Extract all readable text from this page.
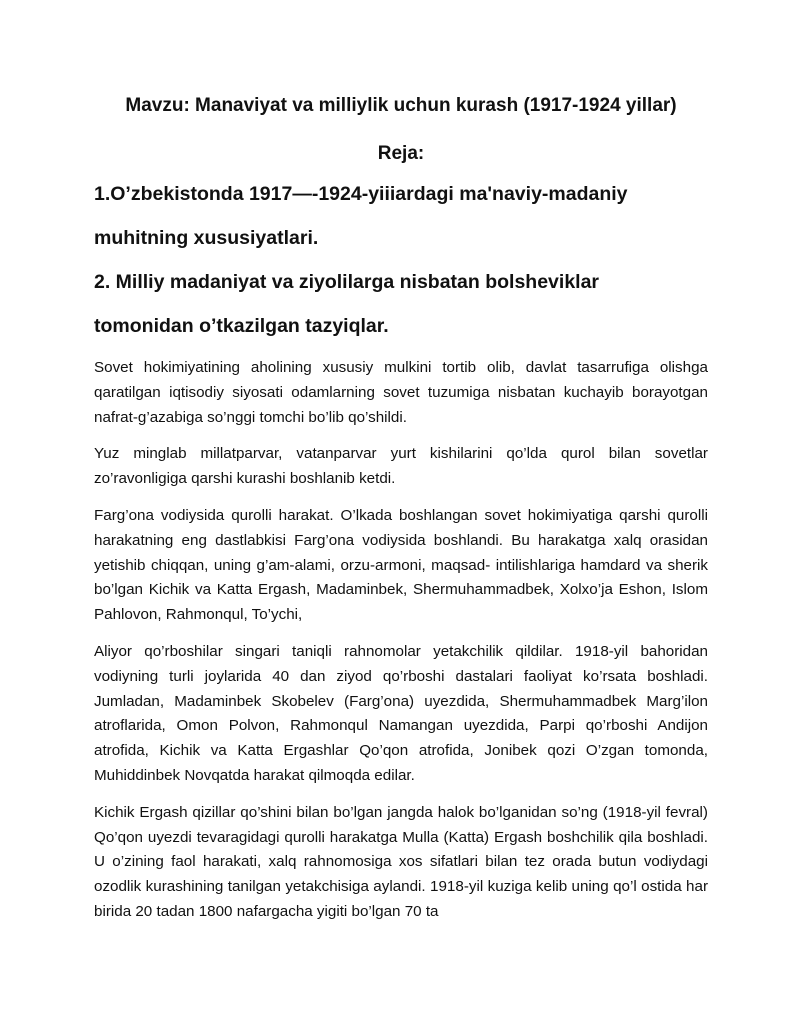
Mavzu: Manaviyat va milliylik uchun kurash (1917-1924 yillar)
Reja:
1.O’zbekistonda 1917—-1924-yiiiardagi ma'naviy-madaniy
muhitning xususiyatlari.
2. Milliy madaniyat va ziyolilarga nisbatan bolsheviklar
tomonidan o’tkazilgan tazyiqlar.

Sovet hokimiyatining aholining xususiy mulkini tortib olib, davlat tasarrufiga olishga qaratilgan iqtisodiy siyosati odamlarning sovet tuzumiga nisbatan kuchayib borayotgan nafrat-g’azabiga so’nggi tomchi bo’lib qo’shildi.

Yuz minglab millatparvar, vatanparvar yurt kishilarini qo’lda qurol bilan sovetlar zo’ravonligiga qarshi kurashi boshlanib ketdi.

Farg’ona vodiysida qurolli harakat. O’lkada boshlangan sovet hokimiyatiga qarshi qurolli harakatning eng dastlabkisi Farg’ona vodiysida boshlandi. Bu harakatga xalq orasidan yetishib chiqqan, uning g’am-alami, orzu-armoni, maqsad- intilishlariga hamdard va sherik bo’lgan Kichik va Katta Ergash, Madaminbek, Shermuhammadbek, Xolxo’ja Eshon, Islom Pahlovon, Rahmonqul, To’ychi,

Aliyor qo’rboshilar singari taniqli rahnomolar yetakchilik qildilar. 1918-yil bahoridan vodiyning turli joylarida 40 dan ziyod qo’rboshi dastalari faoliyat ko’rsata boshladi. Jumladan, Madaminbek Skobelev (Farg’ona) uyezdida, Shermuhammadbek Marg’ilon atroflarida, Omon Polvon, Rahmonqul Namangan uyezdida, Parpi qo’rboshi Andijon atrofida, Kichik va Katta Ergashlar Qo’qon atrofida, Jonibek qozi O’zgan tomonda, Muhiddinbek Novqatda harakat qilmoqda edilar.

Kichik Ergash qizillar qo’shini bilan bo’lgan jangda halok bo’lganidan so’ng (1918-yil fevral) Qo’qon uyezdi tevaragidagi qurolli harakatga Mulla (Katta) Ergash boshchilik qila boshladi. U o’zining faol harakati, xalq rahnomosiga xos sifatlari bilan tez orada butun vodiydagi ozodlik kurashining tanilgan yetakchisiga aylandi. 1918-yil kuziga kelib uning qo’l ostida har birida 20 tadan 1800 nafargacha yigiti bo’lgan 70 ta
